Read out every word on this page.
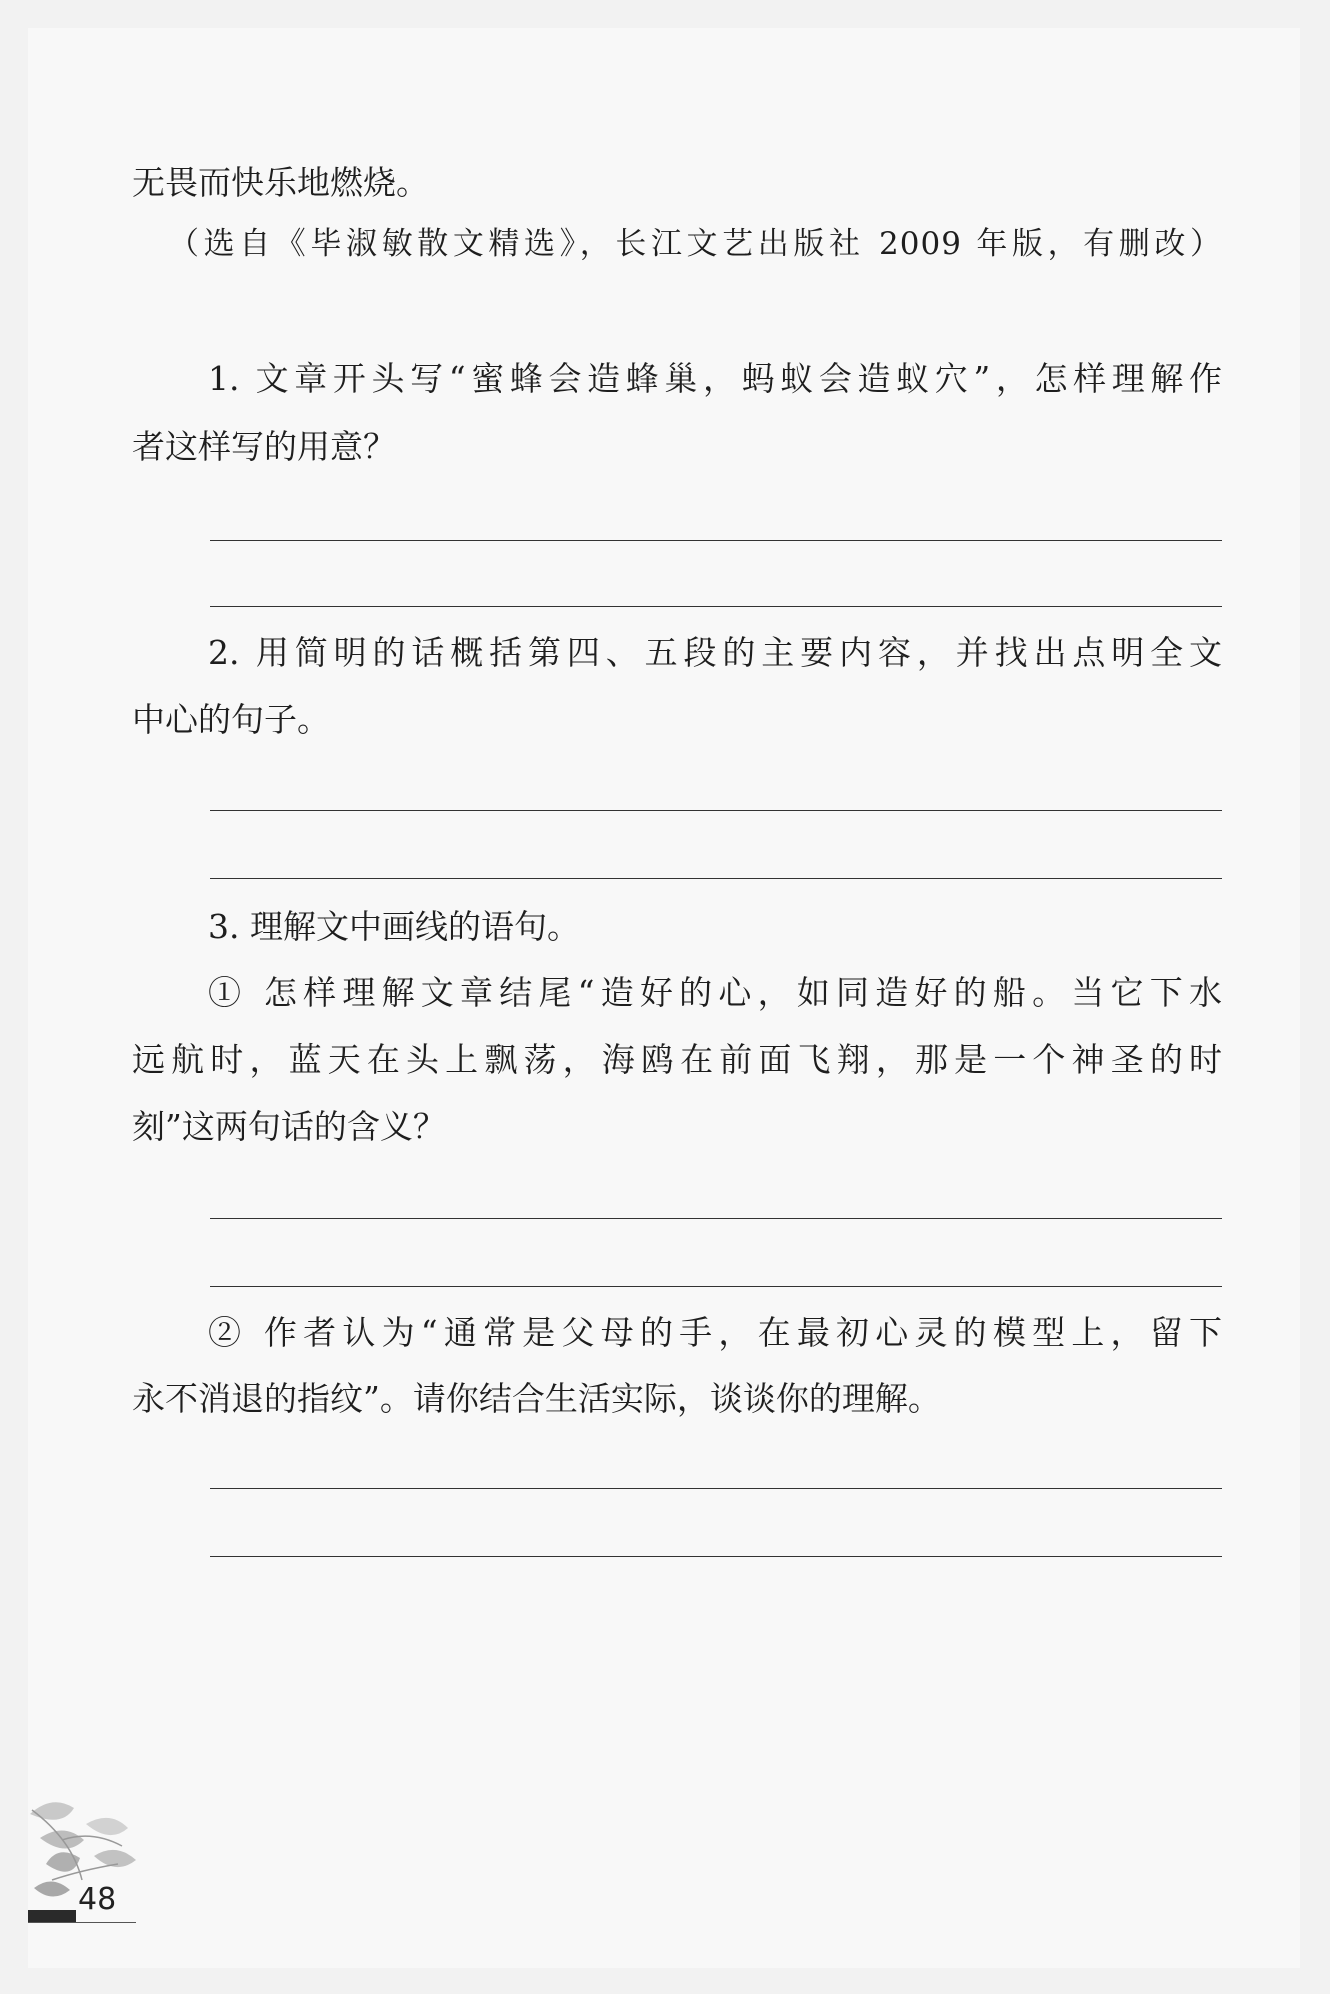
无畏而快乐地燃烧。
（选自《毕淑敏散文精选》，长江文艺出版社 2009 年版，有删改）
1. 文章开头写“蜜蜂会造蜂巢，蚂蚁会造蚁穴”，怎样理解作
者这样写的用意？
2. 用简明的话概括第四、五段的主要内容，并找出点明全文
中心的句子。
3. 理解文中画线的语句。
① 怎样理解文章结尾“造好的心，如同造好的船。当它下水
远航时，蓝天在头上飘荡，海鸥在前面飞翔，那是一个神圣的时
刻”这两句话的含义？
② 作者认为“通常是父母的手，在最初心灵的模型上，留下
永不消退的指纹”。请你结合生活实际，谈谈你的理解。
48
